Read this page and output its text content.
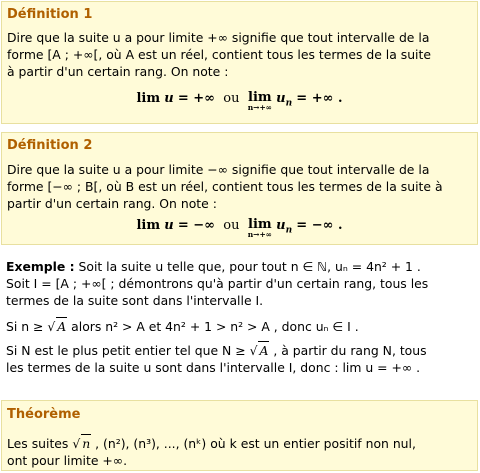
Définition 1

Dire que la suite u a pour limite +∞ signifie que tout intervalle de la
forme [A ; +∞[, où A est un réel, contient tous les termes de la suite
à partir d'un certain rang. On note :
lim u = +∞ ou lim
n→+∞
$u_n$ = +∞ .

Définition 2

Dire que la suite u a pour limite −∞ signifie que tout intervalle de la
forme [−∞ ; B[, où B est un réel, contient tous les termes de la suite à
partir d'un certain rang. On note :
lim u = −∞ ou lim
n→+∞
$u_n$ = −∞ .
Exemple : Soit la suite u telle que, pour tout n ∈ ℕ, uₙ = 4n² + 1 .
Soit I = [A ; +∞[ ; démontrons qu'à partir d'un certain rang, tous les
termes de la suite sont dans l'intervalle I.
Si n ≥ √ A alors n² > A et 4n² + 1 > n² > A , donc uₙ ∈ I .
Si N est le plus petit entier tel que N ≥ √ A , à partir du rang N, tous
les termes de la suite u sont dans l'intervalle I, donc : lim u = +∞ .

Théorème

Les suites √ n , (n²), (n³), ..., (nᵏ) où k est un entier positif non nul,
ont pour limite +∞.
